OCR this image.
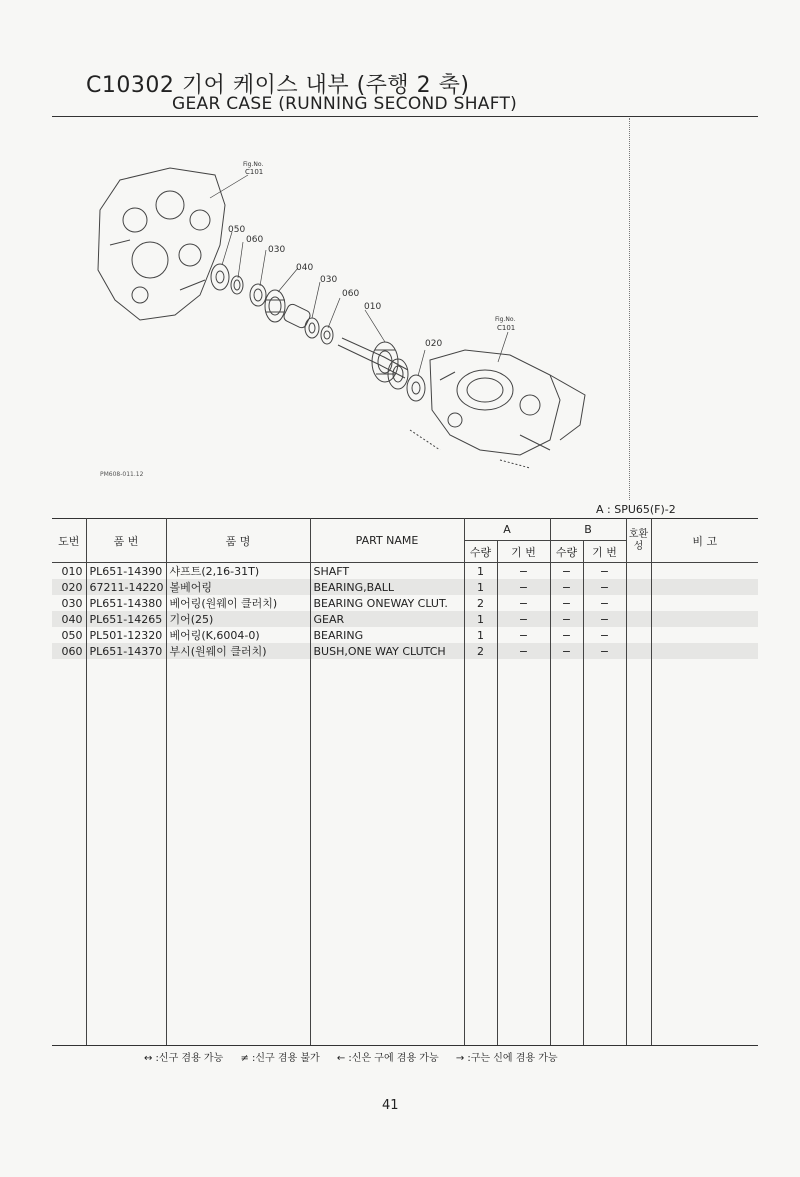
C10302 기어 케이스 내부 (주행 2 축)
GEAR CASE (RUNNING SECOND SHAFT)
Fig.No.
C101
050
060
030
040
030
060
010
020
Fig.No.
C101
PM608-011.12
A : SPU65(F)-2
도번	품 번	품 명	PART NAME	A		B		호환성	비 고
				수량	기 번	수량	기 번		
010	PL651-14390	샤프트(2,16-31T)	SHAFT	1	−	−	−		
020	67211-14220	볼베어링	BEARING,BALL	1	−	−	−		
030	PL651-14380	베어링(원웨이 클러치)	BEARING ONEWAY CLUT.	2	−	−	−		
040	PL651-14265	기어(25)	GEAR	1	−	−	−		
050	PL501-12320	베어링(K,6004-0)	BEARING	1	−	−	−		
060	PL651-14370	부시(원웨이 클러치)	BUSH,ONE WAY CLUTCH	2	−	−	−		

↔ :신구 겸용 가능 ≠ :신구 겸용 불가 ← :신은 구에 겸용 가능 → :구는 신에 겸용 가능
41
